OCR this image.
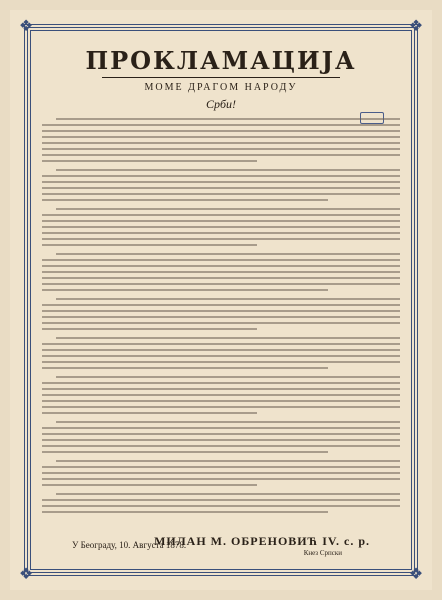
❖	❖
❖	❖
ПРОКЛАМАЦИЈА
МОМЕ ДРАГОМ НАРОДУ
Срби!
У Београду, 10. Августа 1878.
МИЛАН М. ОБРЕНОВИЋ IV. с. р.
Кнез Српски
